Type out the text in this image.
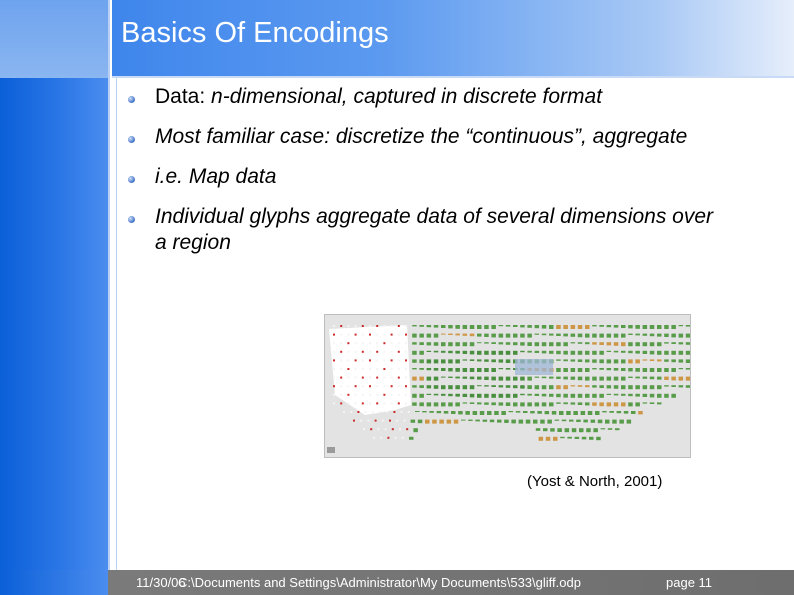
Basics Of Encodings
Data: n-dimensional, captured in discrete format
Most familiar case: discretize the “continuous”, aggregate
i.e. Map data
Individual glyphs aggregate data of several dimensions over a region
(Yost & North, 2001)
11/30/06
C:\Documents and Settings\Administrator\My Documents\533\gliff.odp	page 11
